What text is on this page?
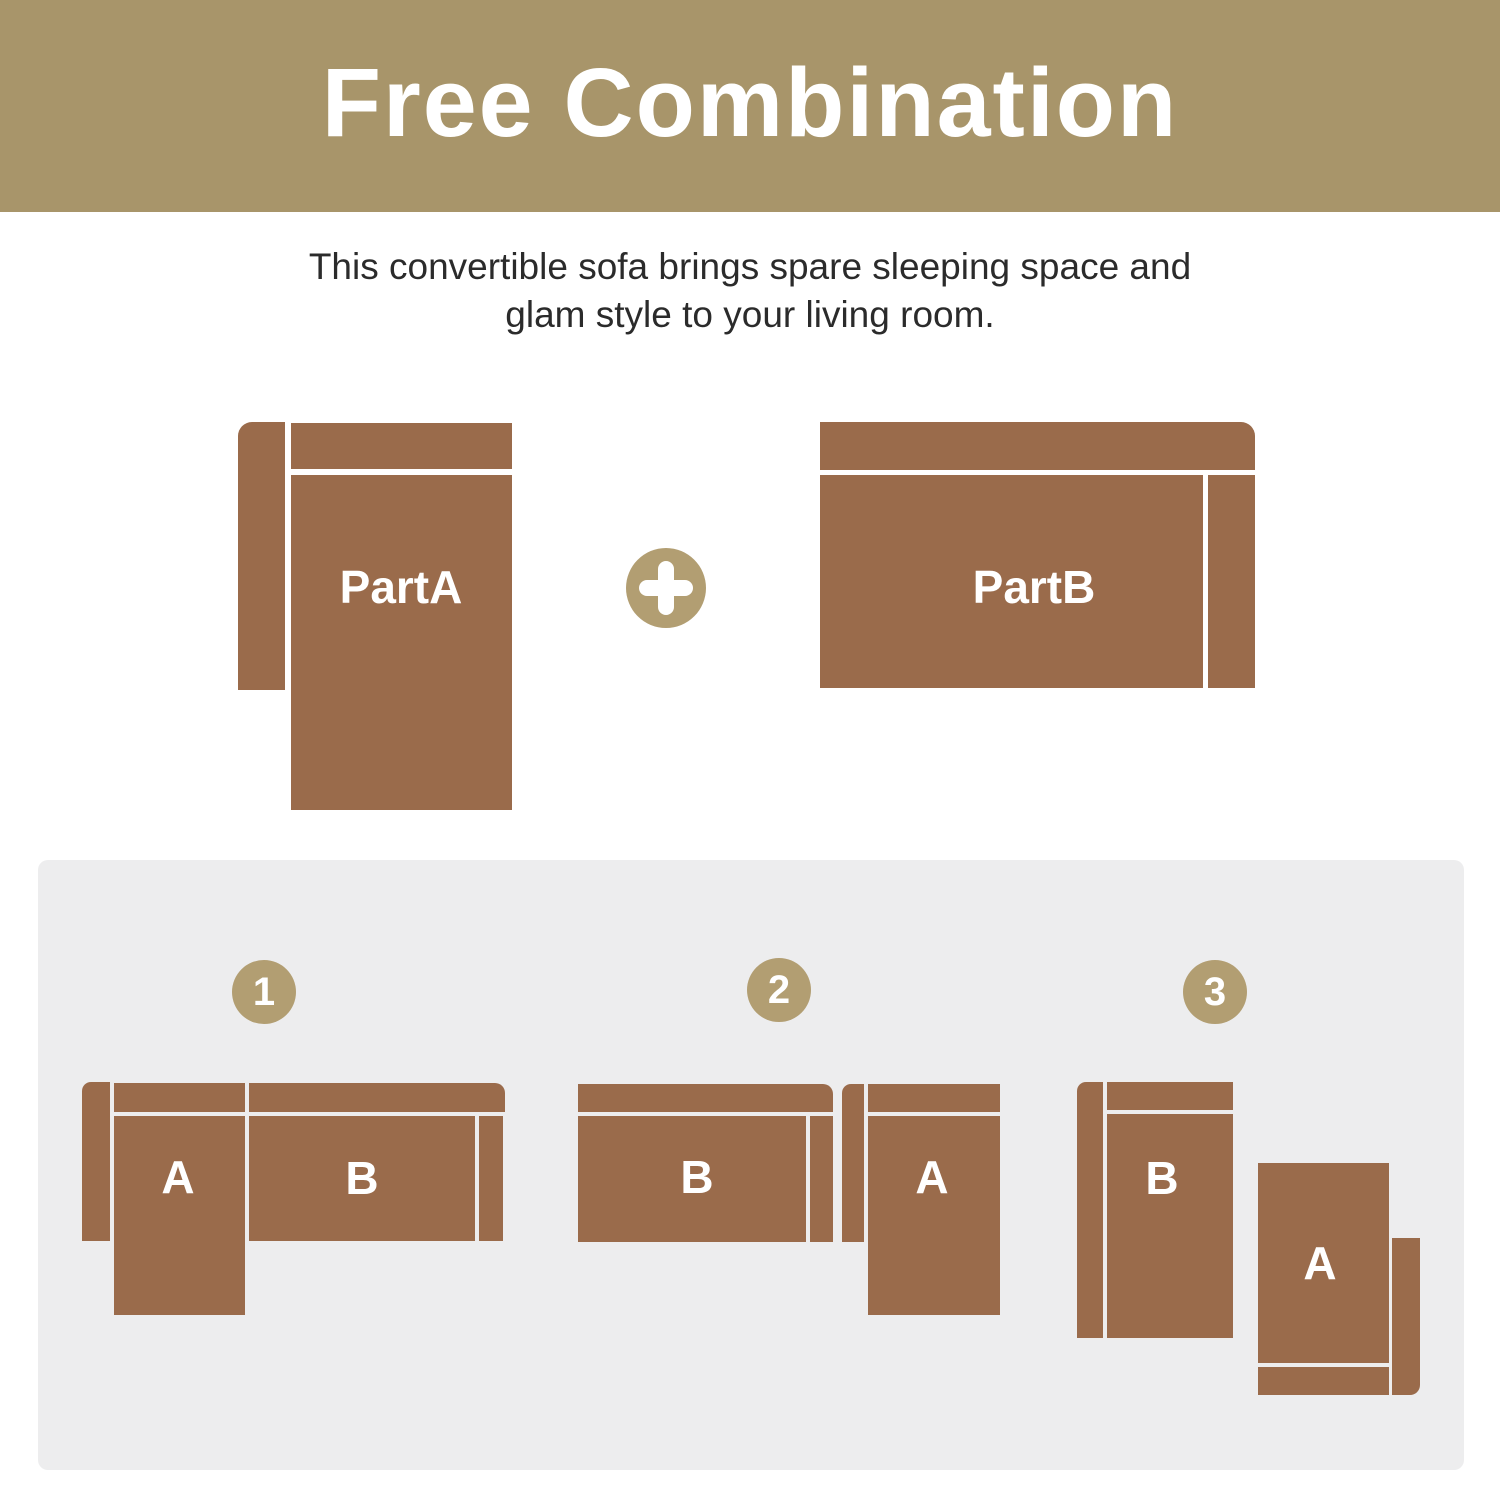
Free Combination
This convertible sofa brings spare sleeping space and
glam style to your living room.
PartA	PartB
1	2	3
A	B	B	A	B
A
